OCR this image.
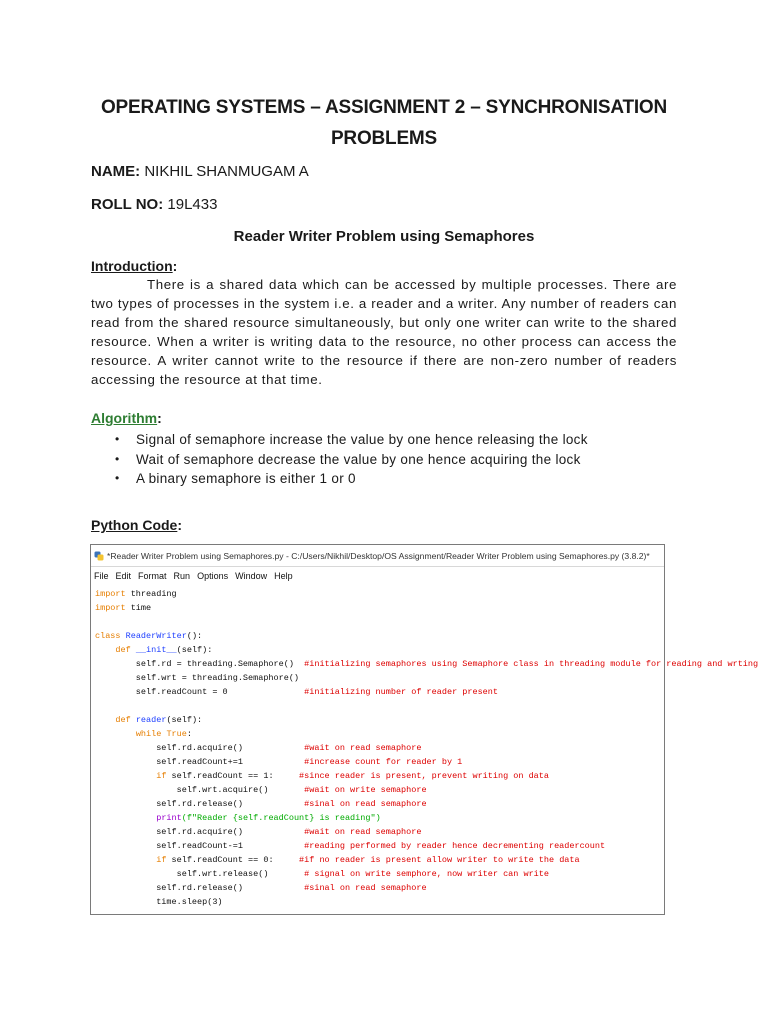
OPERATING SYSTEMS – ASSIGNMENT 2 – SYNCHRONISATION
PROBLEMS
NAME: NIKHIL SHANMUGAM A
ROLL NO: 19L433
Reader Writer Problem using Semaphores
Introduction:
There is a shared data which can be accessed by multiple processes. There are two types of processes in the system i.e. a reader and a writer. Any number of readers can read from the shared resource simultaneously, but only one writer can write to the shared resource. When a writer is writing data to the resource, no other process can access the resource. A writer cannot write to the resource if there are non-zero number of readers accessing the resource at that time.
Algorithm:
• Signal of semaphore increase the value by one hence releasing the lock
• Wait of semaphore decrease the value by one hence acquiring the lock
• A binary semaphore is either 1 or 0
Python Code:
*Reader Writer Problem using Semaphores.py - C:/Users/Nikhil/Desktop/OS Assignment/Reader Writer Problem using Semaphores.py (3.8.2)*
File Edit Format Run Options Window Help
import threading
import time
class ReaderWriter():
def __init__(self):
self.rd = threading.Semaphore()  #initializing semaphores using Semaphore class in threading module for reading and wrting
self.wrt = threading.Semaphore()
self.readCount = 0               #initializing number of reader present
def reader(self):
while True:
self.rd.acquire()            #wait on read semaphore
self.readCount+=1            #increase count for reader by 1
if self.readCount == 1:     #since reader is present, prevent writing on data
self.wrt.acquire()       #wait on write semaphore
self.rd.release()            #sinal on read semaphore
print(f"Reader {self.readCount} is reading")
self.rd.acquire()            #wait on read semaphore
self.readCount-=1            #reading performed by reader hence decrementing readercount
if self.readCount == 0:     #if no reader is present allow writer to write the data
self.wrt.release()       # signal on write semphore, now writer can write
self.rd.release()            #sinal on read semaphore
time.sleep(3)
